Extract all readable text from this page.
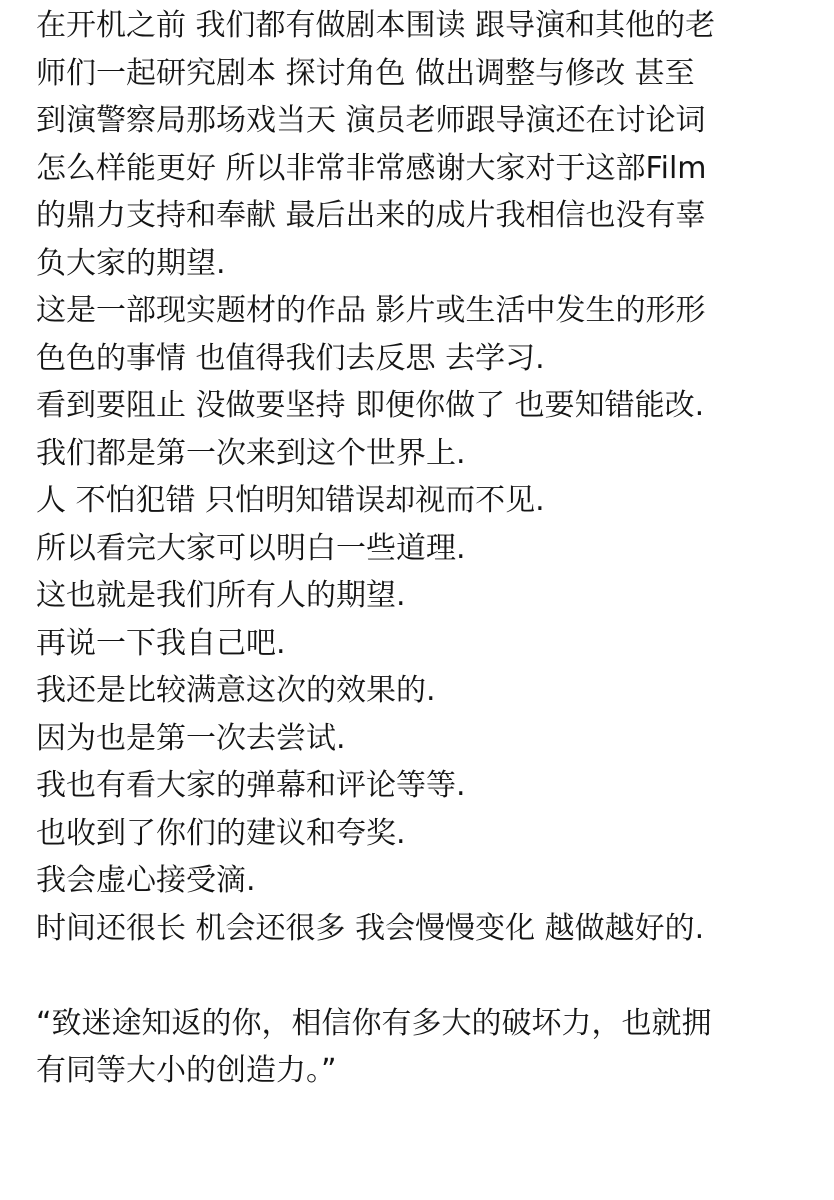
在开机之前 我们都有做剧本围读 跟导演和其他的老

师们一起研究剧本 探讨角色 做出调整与修改 甚至

到演警察局那场戏当天 演员老师跟导演还在讨论词

怎么样能更好 所以非常非常感谢大家对于这部Film

的鼎力支持和奉献 最后出来的成片我相信也没有辜

负大家的期望.

这是一部现实题材的作品 影片或生活中发生的形形

色色的事情 也值得我们去反思 去学习.

看到要阻止 没做要坚持 即便你做了 也要知错能改.

我们都是第一次来到这个世界上.

人 不怕犯错 只怕明知错误却视而不见.

所以看完大家可以明白一些道理.

这也就是我们所有人的期望.

再说一下我自己吧.

我还是比较满意这次的效果的.

因为也是第一次去尝试.

我也有看大家的弹幕和评论等等.

也收到了你们的建议和夸奖.

我会虚心接受滴.

时间还很长 机会还很多 我会慢慢变化 越做越好的.

“致迷途知返的你，相信你有多大的破坏力，也就拥

有同等大小的创造力。”
